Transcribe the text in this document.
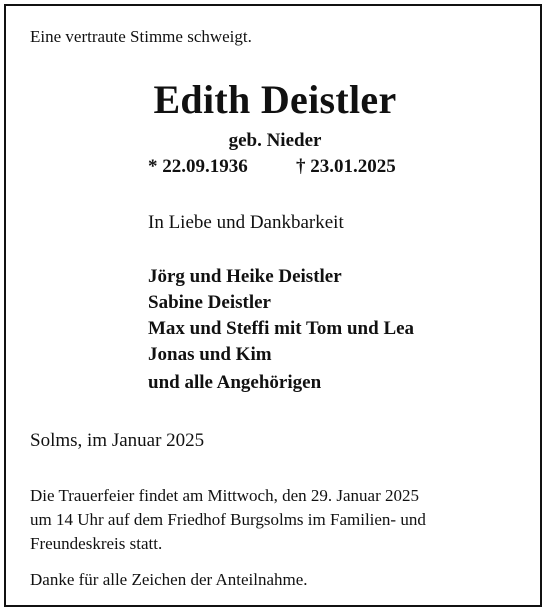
Eine vertraute Stimme schweigt.
Edith Deistler
geb. Nieder
* 22.09.1936	† 23.01.2025
In Liebe und Dankbarkeit
Jörg und Heike Deistler
Sabine Deistler
Max und Steffi mit Tom und Lea
Jonas und Kim
und alle Angehörigen
Solms, im Januar 2025

Die Trauerfeier findet am Mittwoch, den 29. Januar 2025
um 14 Uhr auf dem Friedhof Burgsolms im Familien- und
Freundeskreis statt.

Danke für alle Zeichen der Anteilnahme.
